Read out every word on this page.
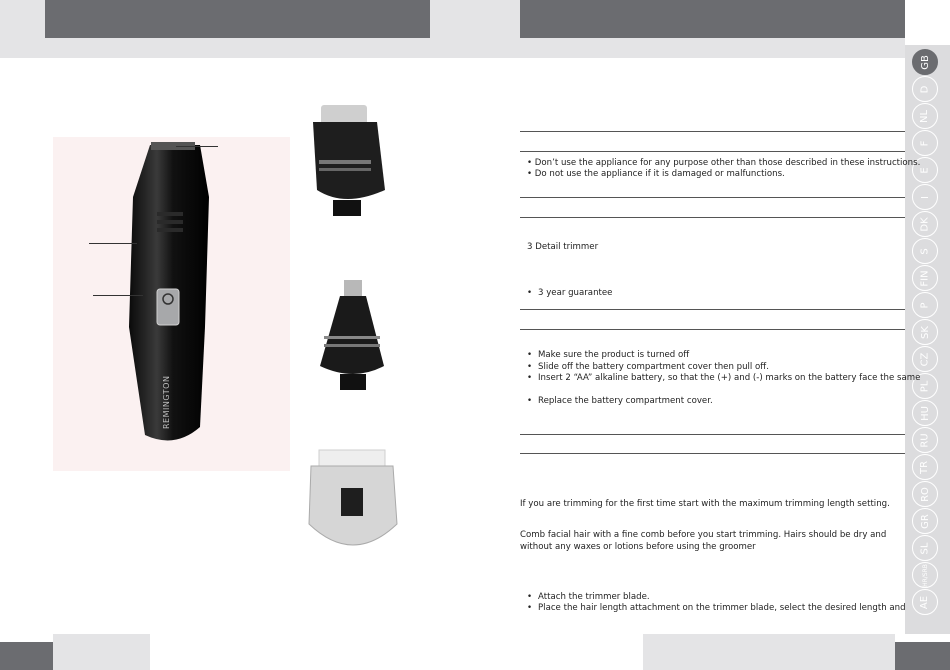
GB
D
NL
F
E
I
DK
S
FIN
P
SK
CZ
PL
HU
RU
TR
RO
GR
SL
HR/SRB
AE
REMINGTON
• Don’t use the appliance for any purpose other than those described in these instructions.
• Do not use the appliance if it is damaged or malfunctions.
3 Detail trimmer
• 3 year guarantee
• Make sure the product is turned off
• Slide off the battery compartment cover then pull off.
• Insert 2 “AA” alkaline battery, so that the (+) and (-) marks on the battery face the same
• Replace the battery compartment cover.
If you are trimming for the first time start with the maximum trimming length setting.
Comb facial hair with a fine comb before you start trimming. Hairs should be dry and without any waxes or lotions before using the groomer
• Attach the trimmer blade.
• Place the hair length attachment on the trimmer blade, select the desired length and
